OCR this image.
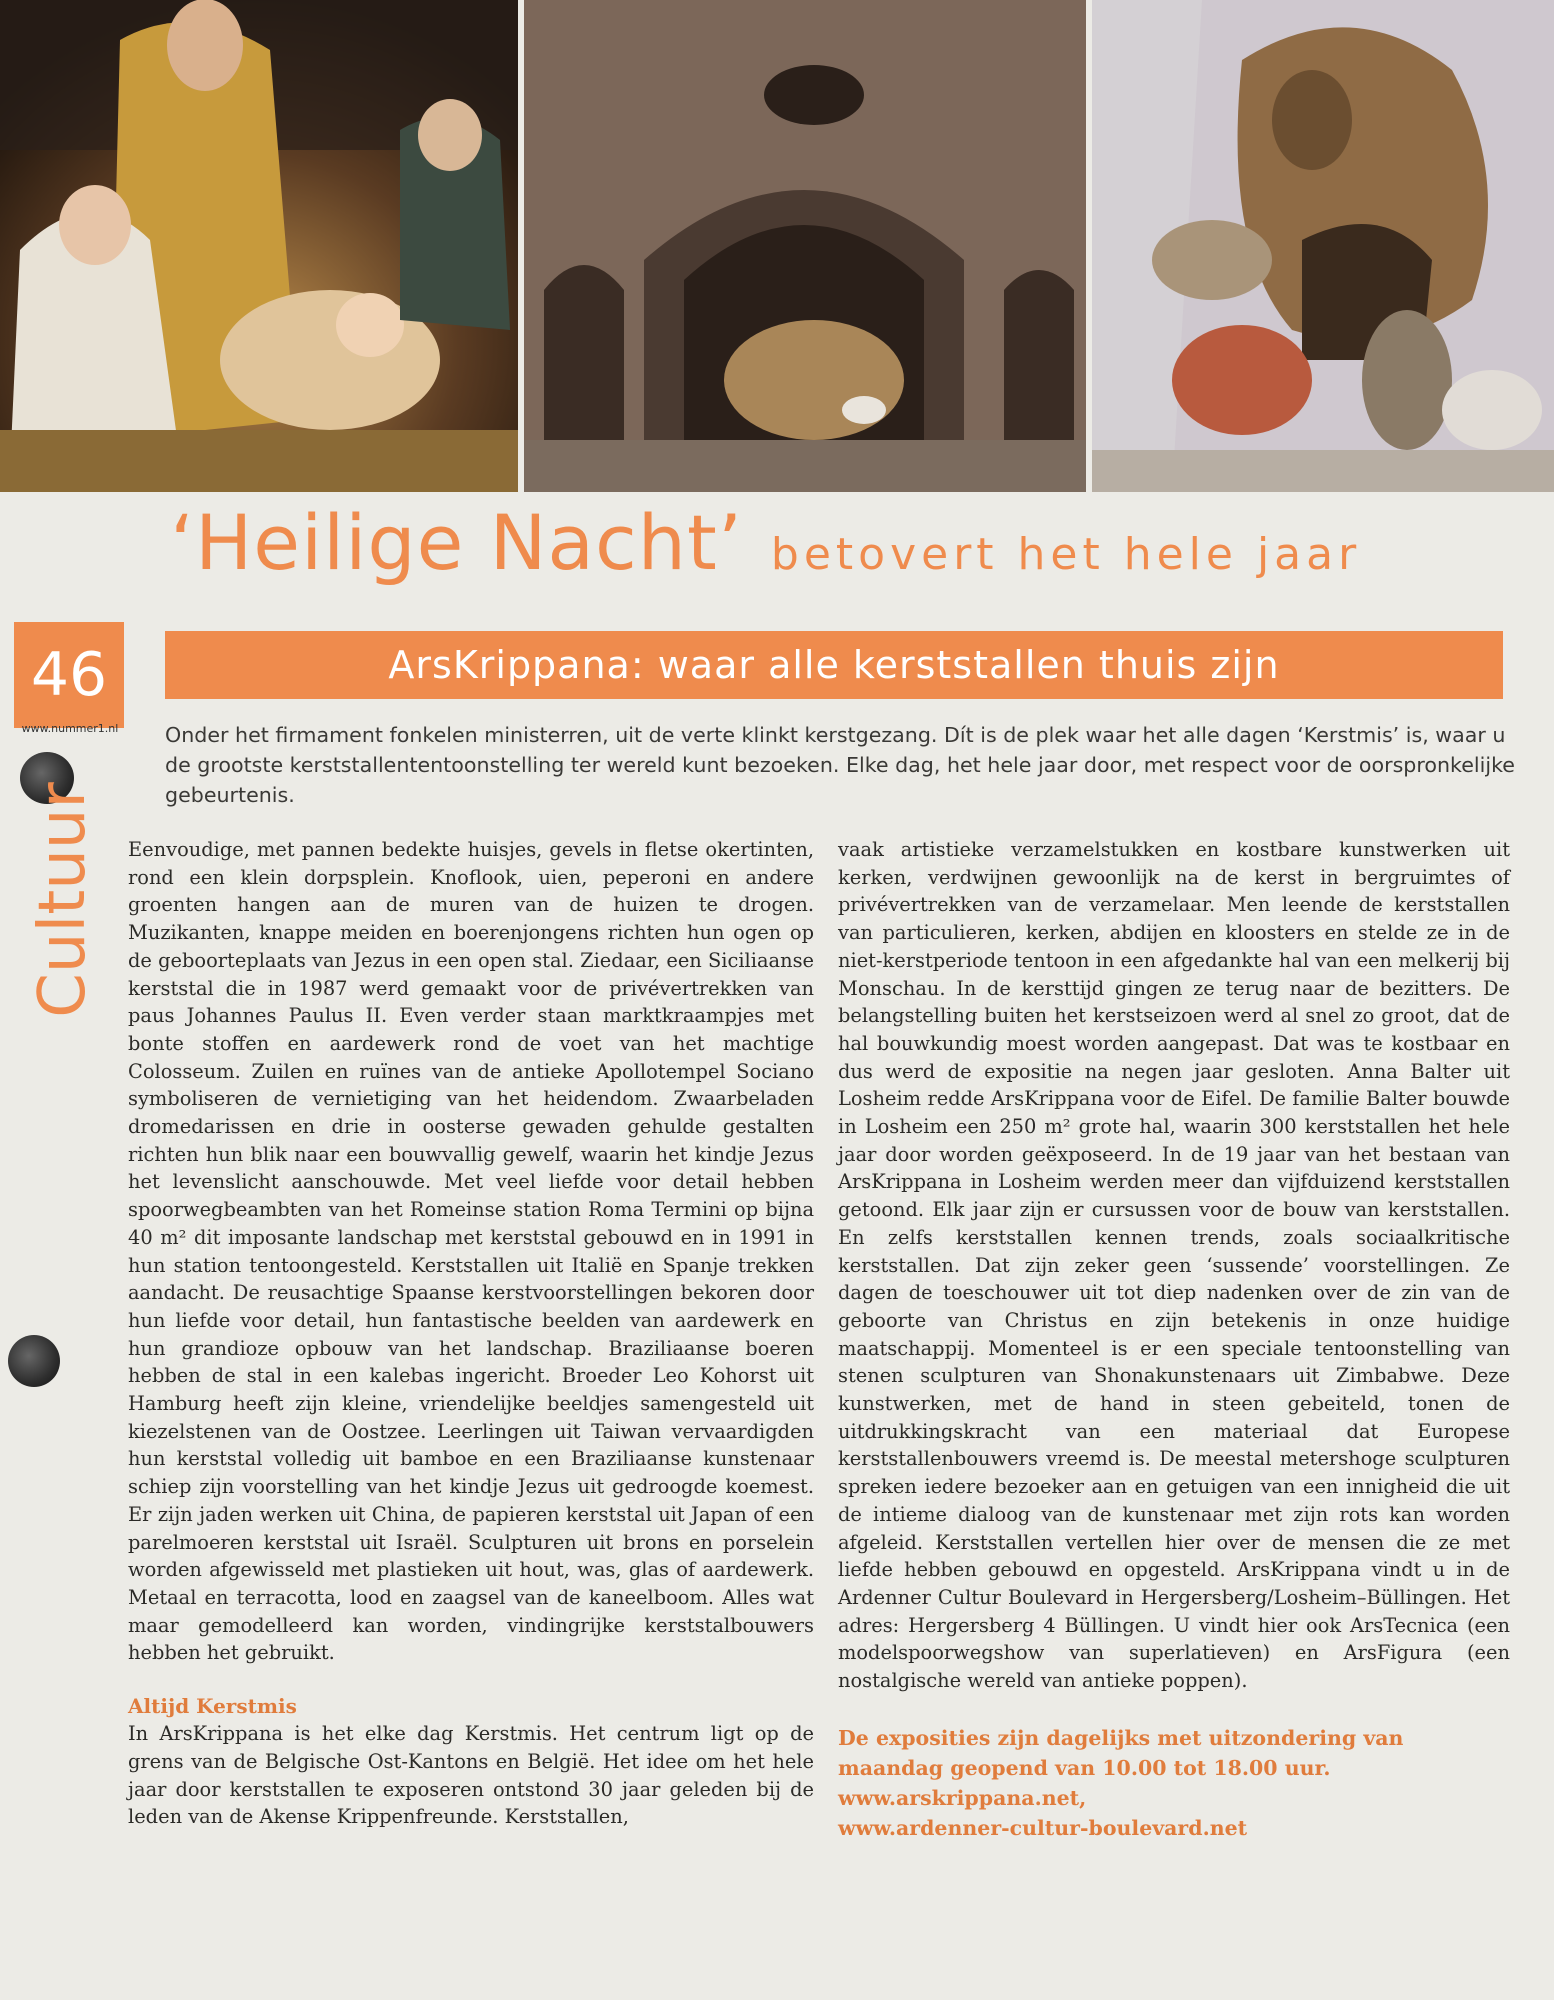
‘Heilige Nacht’ betovert het hele jaar
46
www.nummer1.nl
ArsKrippana: waar alle kerststallen thuis zijn
Cultuur
Onder het firmament fonkelen ministerren, uit de verte klinkt kerstgezang. Dít is de plek waar het alle dagen ‘Kerstmis’ is, waar u de grootste kerststallententoonstelling ter wereld kunt bezoeken. Elke dag, het hele jaar door, met respect voor de oorspronkelijke gebeurtenis.

Eenvoudige, met pannen bedekte huisjes, gevels in fletse okertinten, rond een klein dorpsplein. Knoflook, uien, peperoni en andere groenten hangen aan de muren van de huizen te drogen. Muzikanten, knappe meiden en boerenjongens richten hun ogen op de geboorteplaats van Jezus in een open stal. Ziedaar, een Siciliaanse kerststal die in 1987 werd gemaakt voor de privévertrekken van paus Johannes Paulus II. Even verder staan marktkraampjes met bonte stoffen en aardewerk rond de voet van het machtige Colosseum. Zuilen en ruïnes van de antieke Apollotempel Sociano symboliseren de vernietiging van het heidendom. Zwaarbeladen dromedarissen en drie in oosterse gewaden gehulde gestalten richten hun blik naar een bouwvallig gewelf, waarin het kindje Jezus het levenslicht aanschouwde. Met veel liefde voor detail hebben spoorwegbeambten van het Romeinse station Roma Termini op bijna 40 m² dit imposante landschap met kerststal gebouwd en in 1991 in hun station tentoongesteld. Kerststallen uit Italië en Spanje trekken aandacht. De reusachtige Spaanse kerstvoorstellingen bekoren door hun liefde voor detail, hun fantastische beelden van aardewerk en hun grandioze opbouw van het landschap. Braziliaanse boeren hebben de stal in een kalebas ingericht. Broeder Leo Kohorst uit Hamburg heeft zijn kleine, vriendelijke beeldjes samengesteld uit kiezelstenen van de Oostzee. Leerlingen uit Taiwan vervaardigden hun kerststal volledig uit bamboe en een Braziliaanse kunstenaar schiep zijn voorstelling van het kindje Jezus uit gedroogde koemest. Er zijn jaden werken uit China, de papieren kerststal uit Japan of een parelmoeren kerststal uit Israël. Sculpturen uit brons en porselein worden afgewisseld met plastieken uit hout, was, glas of aardewerk. Metaal en terracotta, lood en zaagsel van de kaneelboom. Alles wat maar gemodelleerd kan worden, vindingrijke kerststalbouwers hebben het gebruikt.

Altijd Kerstmis

In ArsKrippana is het elke dag Kerstmis. Het centrum ligt op de grens van de Belgische Ost-Kantons en België. Het idee om het hele jaar door kerststallen te exposeren ontstond 30 jaar geleden bij de leden van de Akense Krippenfreunde. Kerststallen,

vaak artistieke verzamelstukken en kostbare kunstwerken uit kerken, verdwijnen gewoonlijk na de kerst in bergruimtes of privévertrekken van de verzamelaar. Men leende de kerststallen van particulieren, kerken, abdijen en kloosters en stelde ze in de niet-kerstperiode tentoon in een afgedankte hal van een melkerij bij Monschau. In de kersttijd gingen ze terug naar de bezitters. De belangstelling buiten het kerstseizoen werd al snel zo groot, dat de hal bouwkundig moest worden aangepast. Dat was te kostbaar en dus werd de expositie na negen jaar gesloten. Anna Balter uit Losheim redde ArsKrippana voor de Eifel. De familie Balter bouwde in Losheim een 250 m² grote hal, waarin 300 kerststallen het hele jaar door worden geëxposeerd. In de 19 jaar van het bestaan van ArsKrippana in Losheim werden meer dan vijfduizend kerststallen getoond. Elk jaar zijn er cursussen voor de bouw van kerststallen. En zelfs kerststallen kennen trends, zoals sociaalkritische kerststallen. Dat zijn zeker geen ‘sussende’ voorstellingen. Ze dagen de toeschouwer uit tot diep nadenken over de zin van de geboorte van Christus en zijn betekenis in onze huidige maatschappij. Momenteel is er een speciale tentoonstelling van stenen sculpturen van Shonakunstenaars uit Zimbabwe. Deze kunstwerken, met de hand in steen gebeiteld, tonen de uitdrukkingskracht van een materiaal dat Europese kerststallenbouwers vreemd is. De meestal metershoge sculpturen spreken iedere bezoeker aan en getuigen van een innigheid die uit de intieme dialoog van de kunstenaar met zijn rots kan worden afgeleid. Kerststallen vertellen hier over de mensen die ze met liefde hebben gebouwd en opgesteld. ArsKrippana vindt u in de Ardenner Cultur Boulevard in Hergersberg/Losheim–Büllingen. Het adres: Hergersberg 4 Büllingen. U vindt hier ook ArsTecnica (een modelspoorwegshow van superlatieven) en ArsFigura (een nostalgische wereld van antieke poppen).

De exposities zijn dagelijks met uitzondering van maandag geopend van 10.00 tot 18.00 uur.
www.arskrippana.net,
www.ardenner-cultur-boulevard.net
